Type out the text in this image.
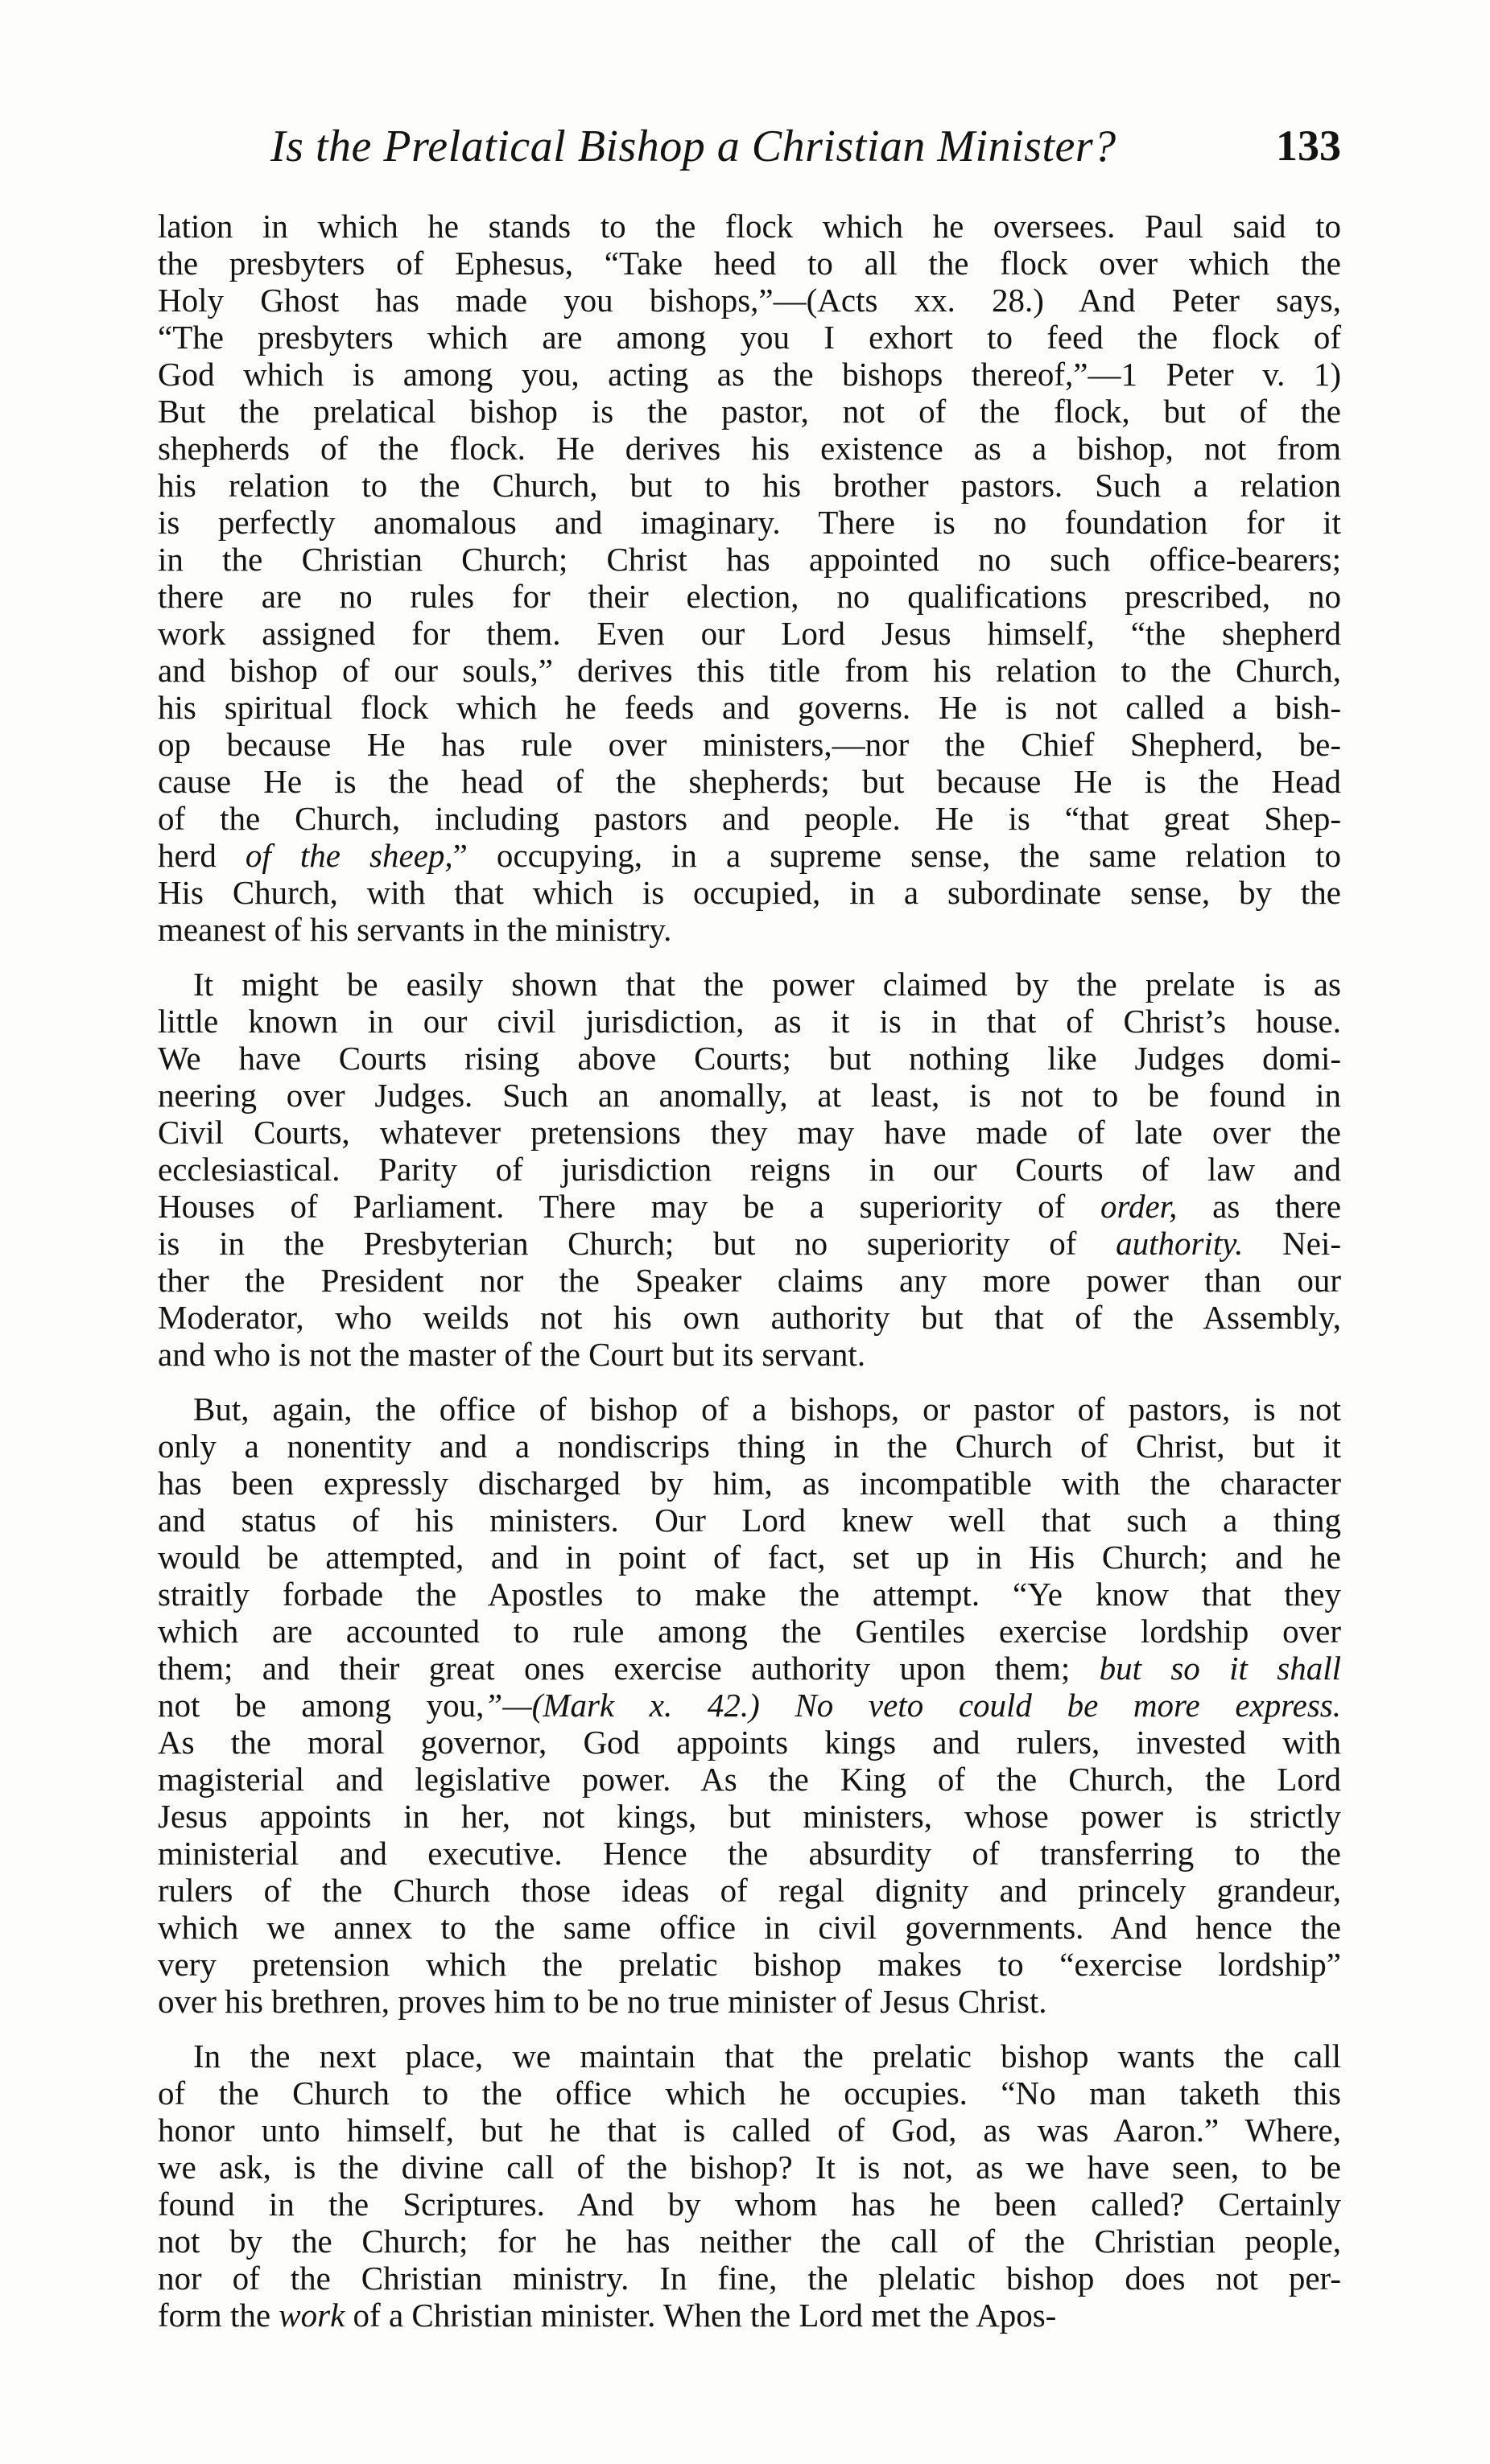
Is the Prelatical Bishop a Christian Minister?	133
lation in which he stands to the flock which he oversees. Paul said to
the presbyters of Ephesus, “Take heed to all the flock over which the
Holy Ghost has made you bishops,”—(Acts xx. 28.) And Peter says,
“The presbyters which are among you I exhort to feed the flock of
God which is among you, acting as the bishops thereof,”—1 Peter v. 1)
But the prelatical bishop is the pastor, not of the flock, but of the
shepherds of the flock. He derives his existence as a bishop, not from
his relation to the Church, but to his brother pastors. Such a relation
is perfectly anomalous and imaginary. There is no foundation for it
in the Christian Church; Christ has appointed no such office-bearers;
there are no rules for their election, no qualifications prescribed, no
work assigned for them. Even our Lord Jesus himself, “the shepherd
and bishop of our souls,” derives this title from his relation to the Church,
his spiritual flock which he feeds and governs. He is not called a bish-
op because He has rule over ministers,—nor the Chief Shepherd, be-
cause He is the head of the shepherds; but because He is the Head
of the Church, including pastors and people. He is “that great Shep-
herd of the sheep,” occupying, in a supreme sense, the same relation to
His Church, with that which is occupied, in a subordinate sense, by the
meanest of his servants in the ministry.
It might be easily shown that the power claimed by the prelate is as
little known in our civil jurisdiction, as it is in that of Christ’s house.
We have Courts rising above Courts; but nothing like Judges domi-
neering over Judges. Such an anomally, at least, is not to be found in
Civil Courts, whatever pretensions they may have made of late over the
ecclesiastical. Parity of jurisdiction reigns in our Courts of law and
Houses of Parliament. There may be a superiority of order, as there
is in the Presbyterian Church; but no superiority of authority. Nei-
ther the President nor the Speaker claims any more power than our
Moderator, who weilds not his own authority but that of the Assembly,
and who is not the master of the Court but its servant.
But, again, the office of bishop of a bishops, or pastor of pastors, is not
only a nonentity and a nondiscrips thing in the Church of Christ, but it
has been expressly discharged by him, as incompatible with the character
and status of his ministers. Our Lord knew well that such a thing
would be attempted, and in point of fact, set up in His Church; and he
straitly forbade the Apostles to make the attempt. “Ye know that they
which are accounted to rule among the Gentiles exercise lordship over
them; and their great ones exercise authority upon them; but so it shall
not be among you,”—(Mark x. 42.) No veto could be more express.
As the moral governor, God appoints kings and rulers, invested with
magisterial and legislative power. As the King of the Church, the Lord
Jesus appoints in her, not kings, but ministers, whose power is strictly
ministerial and executive. Hence the absurdity of transferring to the
rulers of the Church those ideas of regal dignity and princely grandeur,
which we annex to the same office in civil governments. And hence the
very pretension which the prelatic bishop makes to “exercise lordship”
over his brethren, proves him to be no true minister of Jesus Christ.
In the next place, we maintain that the prelatic bishop wants the call
of the Church to the office which he occupies. “No man taketh this
honor unto himself, but he that is called of God, as was Aaron.” Where,
we ask, is the divine call of the bishop? It is not, as we have seen, to be
found in the Scriptures. And by whom has he been called? Certainly
not by the Church; for he has neither the call of the Christian people,
nor of the Christian ministry. In fine, the plelatic bishop does not per-
form the work of a Christian minister. When the Lord met the Apos-
